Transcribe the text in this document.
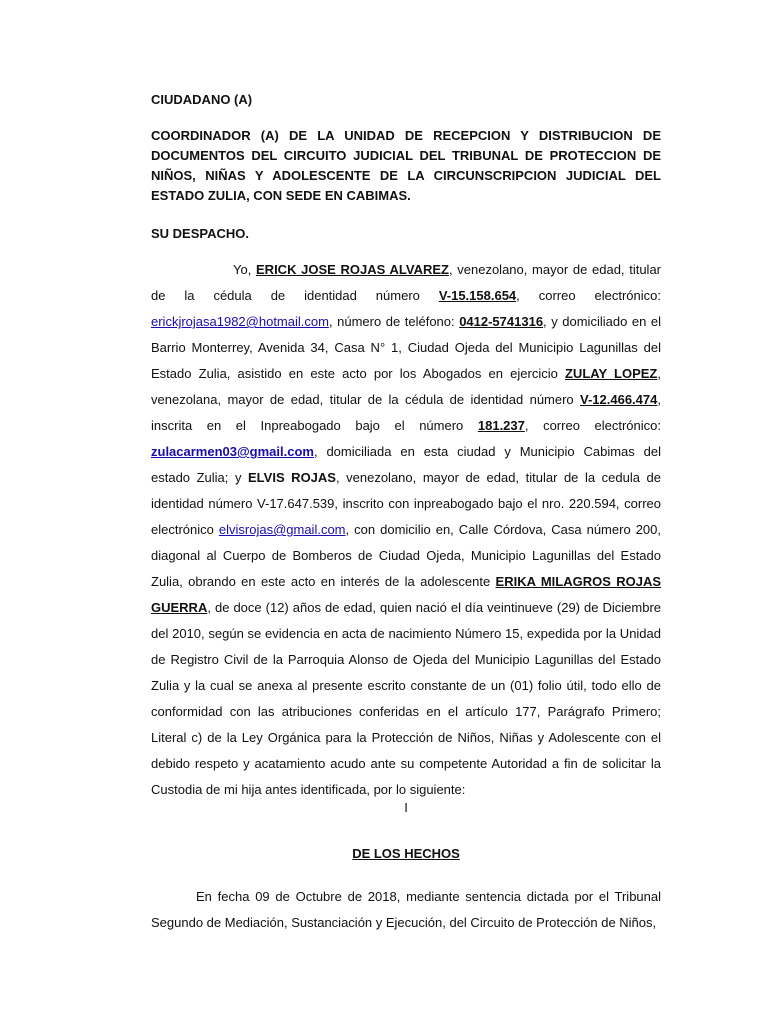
CIUDADANO (A)
COORDINADOR (A) DE LA UNIDAD DE RECEPCION Y DISTRIBUCION DE DOCUMENTOS DEL CIRCUITO JUDICIAL DEL TRIBUNAL DE PROTECCION DE NIÑOS, NIÑAS Y ADOLESCENTE DE LA CIRCUNSCRIPCION JUDICIAL DEL ESTADO ZULIA, CON SEDE EN CABIMAS.
SU DESPACHO.
Yo, ERICK JOSE ROJAS ALVAREZ, venezolano, mayor de edad, titular de la cédula de identidad número V-15.158.654, correo electrónico: erickjrojasa1982@hotmail.com, número de teléfono: 0412-5741316, y domiciliado en el Barrio Monterrey, Avenida 34, Casa N° 1, Ciudad Ojeda del Municipio Lagunillas del Estado Zulia, asistido en este acto por los Abogados en ejercicio ZULAY LOPEZ, venezolana, mayor de edad, titular de la cédula de identidad número V-12.466.474, inscrita en el Inpreabogado bajo el número 181.237, correo electrónico: zulacarmen03@gmail.com, domiciliada en esta ciudad y Municipio Cabimas del estado Zulia; y ELVIS ROJAS, venezolano, mayor de edad, titular de la cedula de identidad número V-17.647.539, inscrito con inpreabogado bajo el nro. 220.594, correo electrónico elvisrojas@gmail.com, con domicilio en, Calle Córdova, Casa número 200, diagonal al Cuerpo de Bomberos de Ciudad Ojeda, Municipio Lagunillas del Estado Zulia, obrando en este acto en interés de la adolescente ERIKA MILAGROS ROJAS GUERRA, de doce (12) años de edad, quien nació el día veintinueve (29) de Diciembre del 2010, según se evidencia en acta de nacimiento Número 15, expedida por la Unidad de Registro Civil de la Parroquia Alonso de Ojeda del Municipio Lagunillas del Estado Zulia y la cual se anexa al presente escrito constante de un (01) folio útil, todo ello de conformidad con las atribuciones conferidas en el artículo 177, Parágrafo Primero; Literal c) de la Ley Orgánica para la Protección de Niños, Niñas y Adolescente con el debido respeto y acatamiento acudo ante su competente Autoridad a fin de solicitar la Custodia de mi hija antes identificada, por lo siguiente:
I
DE LOS HECHOS
En fecha 09 de Octubre de 2018, mediante sentencia dictada por el Tribunal Segundo de Mediación, Sustanciación y Ejecución, del Circuito de Protección de Niños,
